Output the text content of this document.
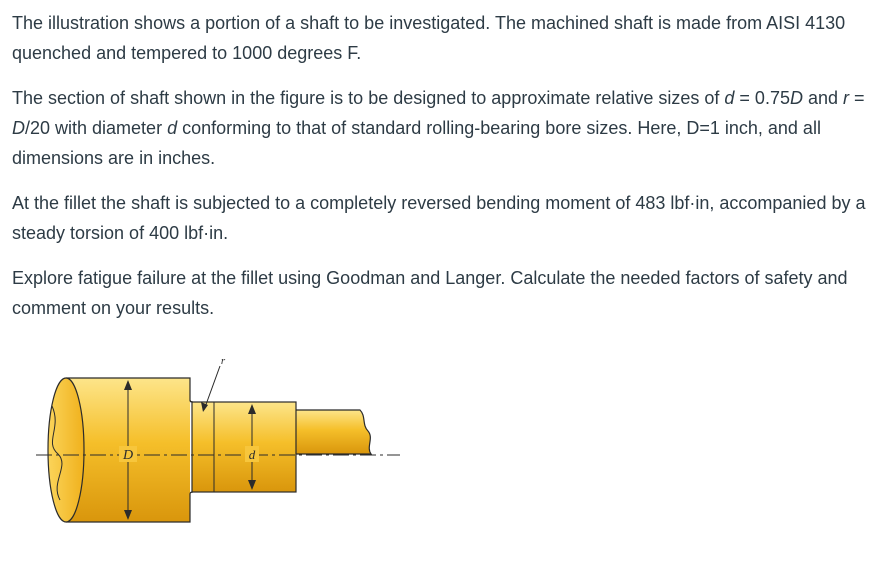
The illustration shows a portion of a shaft to be investigated. The machined shaft is made from AISI 4130 quenched and tempered to 1000 degrees F.

The section of shaft shown in the figure is to be designed to approximate relative sizes of d = 0.75D and r = D/20 with diameter d conforming to that of standard rolling-bearing bore sizes. Here, D=1 inch, and all dimensions are in inches.

At the fillet the shaft is subjected to a completely reversed bending moment of 483 lbf·in, accompanied by a steady torsion of 400 lbf·in.

Explore fatigue failure at the fillet using Goodman and Langer. Calculate the needed factors of safety and comment on your results.

D	d
r
